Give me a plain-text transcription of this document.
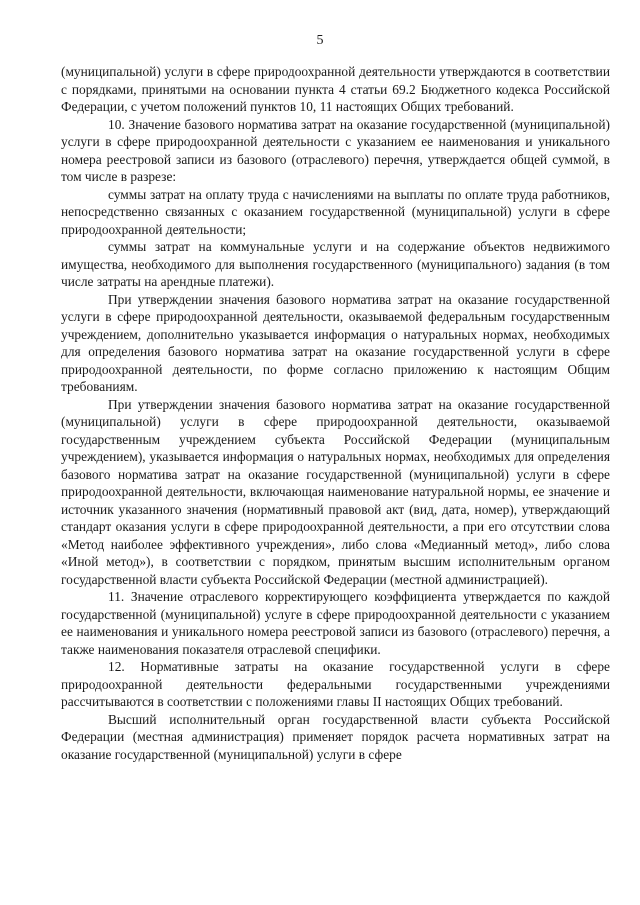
5

(муниципальной) услуги в сфере природоохранной деятельности утверждаются в соответствии с порядками, принятыми на основании пункта 4 статьи 69.2 Бюджетного кодекса Российской Федерации, с учетом положений пунктов 10, 11 настоящих Общих требований.

10. Значение базового норматива затрат на оказание государственной (муниципальной) услуги в сфере природоохранной деятельности с указанием ее наименования и уникального номера реестровой записи из базового (отраслевого) перечня, утверждается общей суммой, в том числе в разрезе:

суммы затрат на оплату труда с начислениями на выплаты по оплате труда работников, непосредственно связанных с оказанием государственной (муниципальной) услуги в сфере природоохранной деятельности;

суммы затрат на коммунальные услуги и на содержание объектов недвижимого имущества, необходимого для выполнения государственного (муниципального) задания (в том числе затраты на арендные платежи).

При утверждении значения базового норматива затрат на оказание государственной услуги в сфере природоохранной деятельности, оказываемой федеральным государственным учреждением, дополнительно указывается информация о натуральных нормах, необходимых для определения базового норматива затрат на оказание государственной услуги в сфере природоохранной деятельности, по форме согласно приложению к настоящим Общим требованиям.

При утверждении значения базового норматива затрат на оказание государственной (муниципальной) услуги в сфере природоохранной деятельности, оказываемой государственным учреждением субъекта Российской Федерации (муниципальным учреждением), указывается информация о натуральных нормах, необходимых для определения базового норматива затрат на оказание государственной (муниципальной) услуги в сфере природоохранной деятельности, включающая наименование натуральной нормы, ее значение и источник указанного значения (нормативный правовой акт (вид, дата, номер), утверждающий стандарт оказания услуги в сфере природоохранной деятельности, а при его отсутствии слова «Метод наиболее эффективного учреждения», либо слова «Медианный метод», либо слова «Иной метод»), в соответствии с порядком, принятым высшим исполнительным органом государственной власти субъекта Российской Федерации (местной администрацией).

11. Значение отраслевого корректирующего коэффициента утверждается по каждой государственной (муниципальной) услуге в сфере природоохранной деятельности с указанием ее наименования и уникального номера реестровой записи из базового (отраслевого) перечня, а также наименования показателя отраслевой специфики.

12. Нормативные затраты на оказание государственной услуги в сфере природоохранной деятельности федеральными государственными учреждениями рассчитываются в соответствии с положениями главы II настоящих Общих требований.

Высший исполнительный орган государственной власти субъекта Российской Федерации (местная администрация) применяет порядок расчета нормативных затрат на оказание государственной (муниципальной) услуги в сфере
